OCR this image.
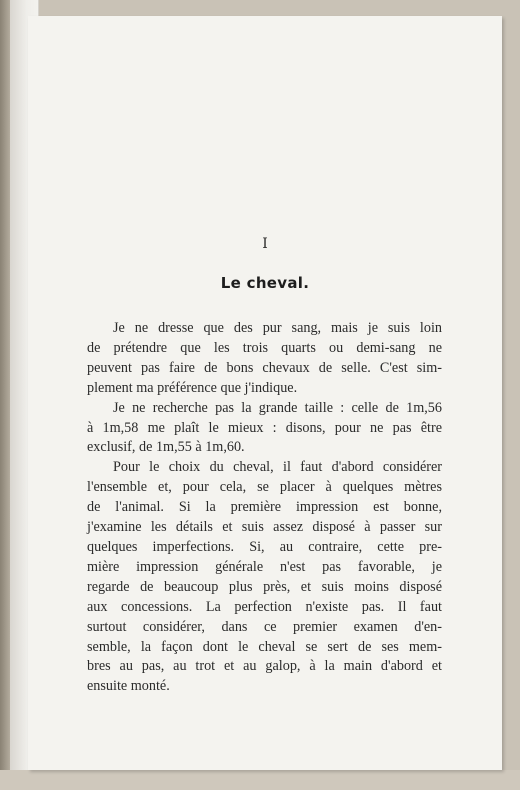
I
Le cheval.
Je ne dresse que des pur sang, mais je suis loin
de prétendre que les trois quarts ou demi-sang ne
peuvent pas faire de bons chevaux de selle. C'est sim-
plement ma préférence que j'indique.
Je ne recherche pas la grande taille : celle de 1m,56
à 1m,58 me plaît le mieux : disons, pour ne pas être
exclusif, de 1m,55 à 1m,60.
Pour le choix du cheval, il faut d'abord considérer
l'ensemble et, pour cela, se placer à quelques mètres
de l'animal. Si la première impression est bonne,
j'examine les détails et suis assez disposé à passer sur
quelques imperfections. Si, au contraire, cette pre-
mière impression générale n'est pas favorable, je
regarde de beaucoup plus près, et suis moins disposé
aux concessions. La perfection n'existe pas. Il faut
surtout considérer, dans ce premier examen d'en-
semble, la façon dont le cheval se sert de ses mem-
bres au pas, au trot et au galop, à la main d'abord et
ensuite monté.
